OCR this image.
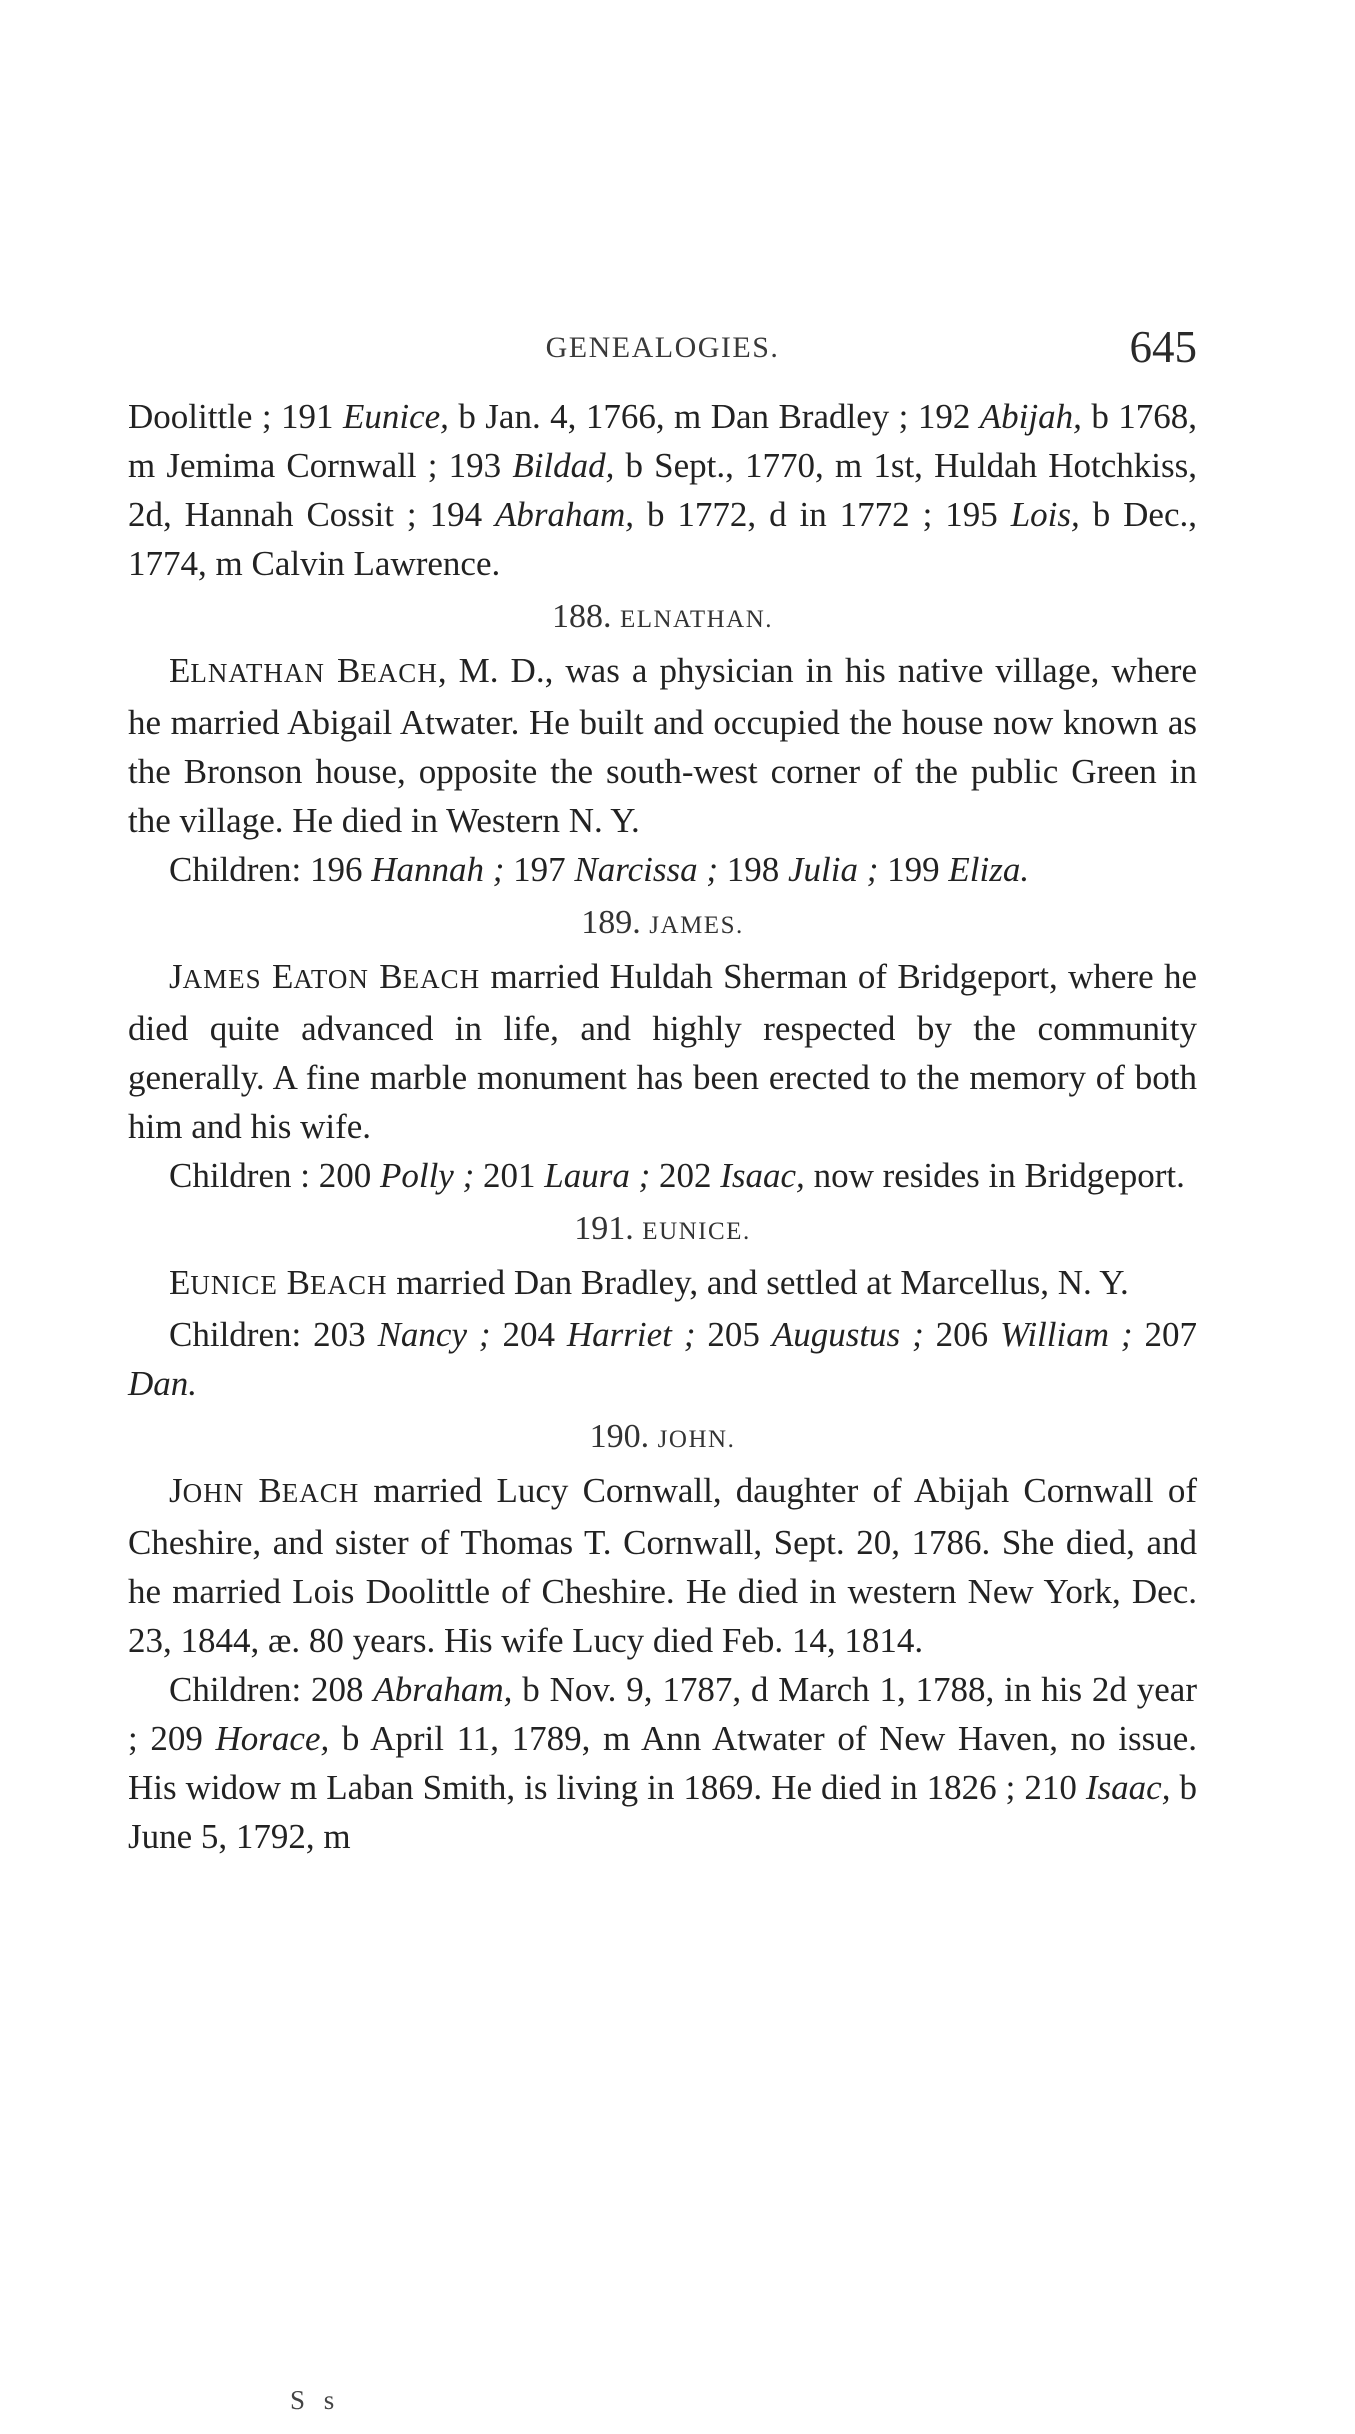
GENEALOGIES.	645

Doolittle ; 191 Eunice, b Jan. 4, 1766, m Dan Bradley ; 192 Abijah, b 1768, m Jemima Cornwall ; 193 Bildad, b Sept., 1770, m 1st, Huldah Hotchkiss, 2d, Hannah Cossit ; 194 Abraham, b 1772, d in 1772 ; 195 Lois, b Dec., 1774, m Calvin Lawrence.

188. ELNATHAN.

ELNATHAN BEACH, M. D., was a physician in his native village, where he married Abigail Atwater. He built and occupied the house now known as the Bronson house, opposite the south-west corner of the public Green in the village. He died in Western N. Y.

Children: 196 Hannah ; 197 Narcissa ; 198 Julia ; 199 Eliza.

189. JAMES.

JAMES EATON BEACH married Huldah Sherman of Bridgeport, where he died quite advanced in life, and highly respected by the community generally. A fine marble monument has been erected to the memory of both him and his wife.

Children : 200 Polly ; 201 Laura ; 202 Isaac, now resides in Bridgeport.

191. EUNICE.

EUNICE BEACH married Dan Bradley, and settled at Marcellus, N. Y.

Children: 203 Nancy ; 204 Harriet ; 205 Augustus ; 206 William ; 207 Dan.

190. JOHN.

JOHN BEACH married Lucy Cornwall, daughter of Abijah Cornwall of Cheshire, and sister of Thomas T. Cornwall, Sept. 20, 1786. She died, and he married Lois Doolittle of Cheshire. He died in western New York, Dec. 23, 1844, æ. 80 years. His wife Lucy died Feb. 14, 1814.

Children: 208 Abraham, b Nov. 9, 1787, d March 1, 1788, in his 2d year ; 209 Horace, b April 11, 1789, m Ann Atwater of New Haven, no issue. His widow m Laban Smith, is living in 1869. He died in 1826 ; 210 Isaac, b June 5, 1792, m

S s
